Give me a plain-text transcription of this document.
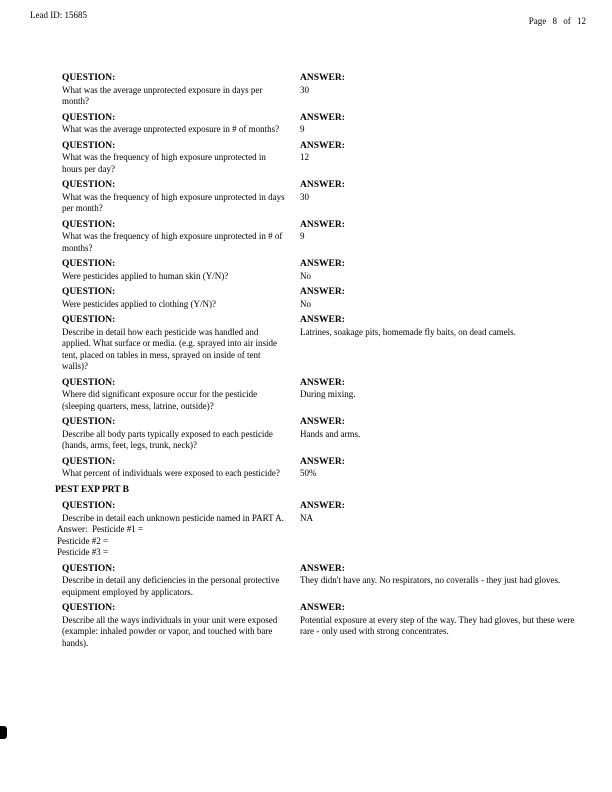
Lead ID: 15685
Page 8 of 12
QUESTION:
What was the average unprotected exposure in days per month?
ANSWER:
30
QUESTION:
What was the average unprotected exposure in # of months?
ANSWER:
9
QUESTION:
What was the frequency of high exposure unprotected in hours per day?
ANSWER:
12
QUESTION:
What was the frequency of high exposure unprotected in days per month?
ANSWER:
30
QUESTION:
What was the frequency of high exposure unprotected in # of months?
ANSWER:
9
QUESTION:
Were pesticides applied to human skin (Y/N)?
ANSWER:
No
QUESTION:
Were pesticides applied to clothing (Y/N)?
ANSWER:
No
QUESTION:
Describe in detail how each pesticide was handled and applied. What surface or media. (e.g. sprayed into air inside tent, placed on tables in mess, sprayed on inside of tent walls)?
ANSWER:
Latrines, soakage pits, homemade fly baits, on dead camels.
QUESTION:
Where did significant exposure occur for the pesticide (sleeping quarters, mess, latrine, outside)?
ANSWER:
During mixing.
QUESTION:
Describe all body parts typically exposed to each pesticide (hands, arms, feet, legs, trunk, neck)?
ANSWER:
Hands and arms.
QUESTION:
What percent of individuals were exposed to each pesticide?
ANSWER:
50%
PEST EXP PRT B
QUESTION:
Describe in detail each unknown pesticide named in PART A.
Answer:  Pesticide #1 =
Pesticide #2 =
Pesticide #3 =
ANSWER:
NA
QUESTION:
Describe in detail any deficiencies in the personal protective equipment employed by applicators.
ANSWER:
They didn't have any. No respirators, no coveralls - they just had gloves.
QUESTION:
Describe all the ways individuals in your unit were exposed (example: inhaled powder or vapor, and touched with bare hands).
ANSWER:
Potential exposure at every step of the way. They had gloves, but these were rare - only used with strong concentrates.
